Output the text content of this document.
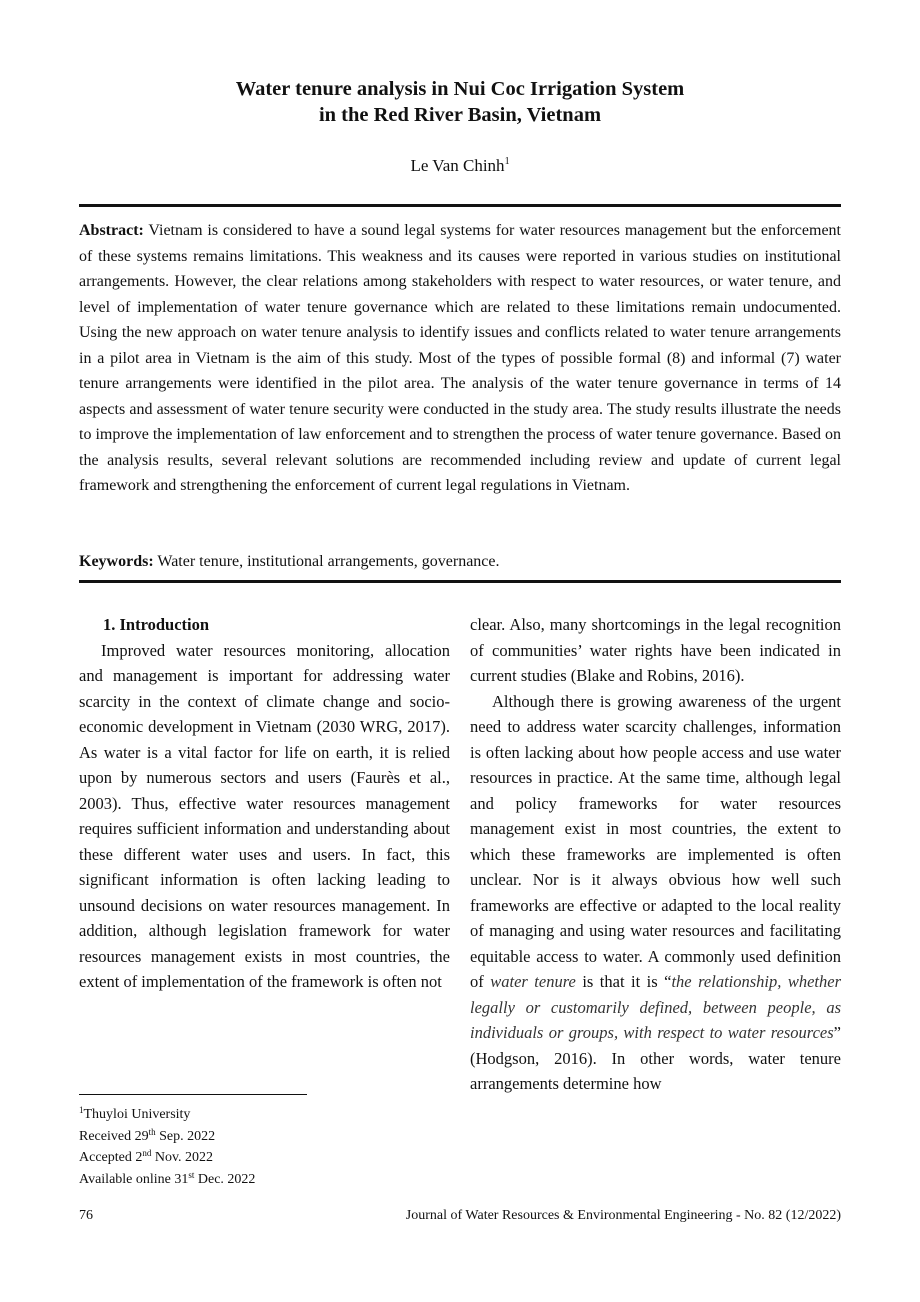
Water tenure analysis in Nui Coc Irrigation System
in the Red River Basin, Vietnam
Le Van Chinh$^1$
Abstract: Vietnam is considered to have a sound legal systems for water resources management but the enforcement of these systems remains limitations. This weakness and its causes were reported in various studies on institutional arrangements. However, the clear relations among stakeholders with respect to water resources, or water tenure, and level of implementation of water tenure governance which are related to these limitations remain undocumented. Using the new approach on water tenure analysis to identify issues and conflicts related to water tenure arrangements in a pilot area in Vietnam is the aim of this study. Most of the types of possible formal (8) and informal (7) water tenure arrangements were identified in the pilot area. The analysis of the water tenure governance in terms of 14 aspects and assessment of water tenure security were conducted in the study area. The study results illustrate the needs to improve the implementation of law enforcement and to strengthen the process of water tenure governance. Based on the analysis results, several relevant solutions are recommended including review and update of current legal framework and strengthening the enforcement of current legal regulations in Vietnam.
Keywords: Water tenure, institutional arrangements, governance.

1. Introduction

Improved water resources monitoring, allocation and management is important for addressing water scarcity in the context of climate change and socio-economic development in Vietnam (2030 WRG, 2017). As water is a vital factor for life on earth, it is relied upon by numerous sectors and users (Faurès et al., 2003). Thus, effective water resources management requires sufficient information and understanding about these different water uses and users. In fact, this significant information is often lacking leading to unsound decisions on water resources management. In addition, although legislation framework for water resources management exists in most countries, the extent of implementation of the framework is often not

clear. Also, many shortcomings in the legal recognition of communities’ water rights have been indicated in current studies (Blake and Robins, 2016).

Although there is growing awareness of the urgent need to address water scarcity challenges, information is often lacking about how people access and use water resources in practice. At the same time, although legal and policy frameworks for water resources management exist in most countries, the extent to which these frameworks are implemented is often unclear. Nor is it always obvious how well such frameworks are effective or adapted to the local reality of managing and using water resources and facilitating equitable access to water. A commonly used definition of water tenure is that it is “the relationship, whether legally or customarily defined, between people, as individuals or groups, with respect to water resources” (Hodgson, 2016). In other words, water tenure arrangements determine how

$^1$Thuyloi University
Received 29th Sep. 2022
Accepted 2nd Nov. 2022
Available online 31st Dec. 2022
76	Journal of Water Resources & Environmental Engineering - No. 82 (12/2022)
